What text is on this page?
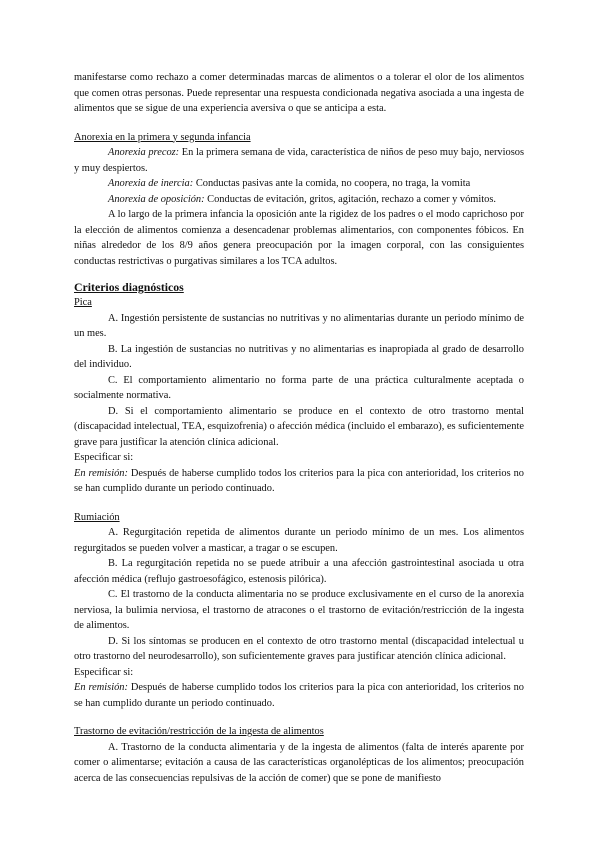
manifestarse como rechazo a comer determinadas marcas de alimentos o a tolerar el olor de los alimentos que comen otras personas. Puede representar una respuesta condicionada negativa asociada a una ingesta de alimentos que se sigue de una experiencia aversiva o que se anticipa a esta.

Anorexia en la primera y segunda infancia

Anorexia precoz: En la primera semana de vida, característica de niños de peso muy bajo, nerviosos y muy despiertos.

Anorexia de inercia: Conductas pasivas ante la comida, no coopera, no traga, la vomita

Anorexia de oposición: Conductas de evitación, gritos, agitación, rechazo a comer y vómitos.

A lo largo de la primera infancia la oposición ante la rigidez de los padres o el modo caprichoso por la elección de alimentos comienza a desencadenar problemas alimentarios, con componentes fóbicos. En niñas alrededor de los 8/9 años genera preocupación por la imagen corporal, con las consiguientes conductas restrictivas o purgativas similares a los TCA adultos.

Criterios diagnósticos

Pica

A. Ingestión persistente de sustancias no nutritivas y no alimentarias durante un periodo mínimo de un mes.

B. La ingestión de sustancias no nutritivas y no alimentarias es inapropiada al grado de desarrollo del individuo.

C. El comportamiento alimentario no forma parte de una práctica culturalmente aceptada o socialmente normativa.

D. Si el comportamiento alimentario se produce en el contexto de otro trastorno mental (discapacidad intelectual, TEA, esquizofrenia) o afección médica (incluido el embarazo), es suficientemente grave para justificar la atención clínica adicional.

Especificar si:

En remisión: Después de haberse cumplido todos los criterios para la pica con anterioridad, los criterios no se han cumplido durante un periodo continuado.

Rumiación

A. Regurgitación repetida de alimentos durante un periodo mínimo de un mes. Los alimentos regurgitados se pueden volver a masticar, a tragar o se escupen.

B. La regurgitación repetida no se puede atribuir a una afección gastrointestinal asociada u otra afección médica (reflujo gastroesofágico, estenosis pilórica).

C. El trastorno de la conducta alimentaria no se produce exclusivamente en el curso de la anorexia nerviosa, la bulimia nerviosa, el trastorno de atracones o el trastorno de evitación/restricción de la ingesta de alimentos.

D. Si los síntomas se producen en el contexto de otro trastorno mental (discapacidad intelectual u otro trastorno del neurodesarrollo), son suficientemente graves para justificar atención clínica adicional.

Especificar si:

En remisión: Después de haberse cumplido todos los criterios para la pica con anterioridad, los criterios no se han cumplido durante un periodo continuado.

Trastorno de evitación/restricción de la ingesta de alimentos

A. Trastorno de la conducta alimentaria y de la ingesta de alimentos (falta de interés aparente por comer o alimentarse; evitación a causa de las características organolépticas de los alimentos; preocupación acerca de las consecuencias repulsivas de la acción de comer) que se pone de manifiesto
